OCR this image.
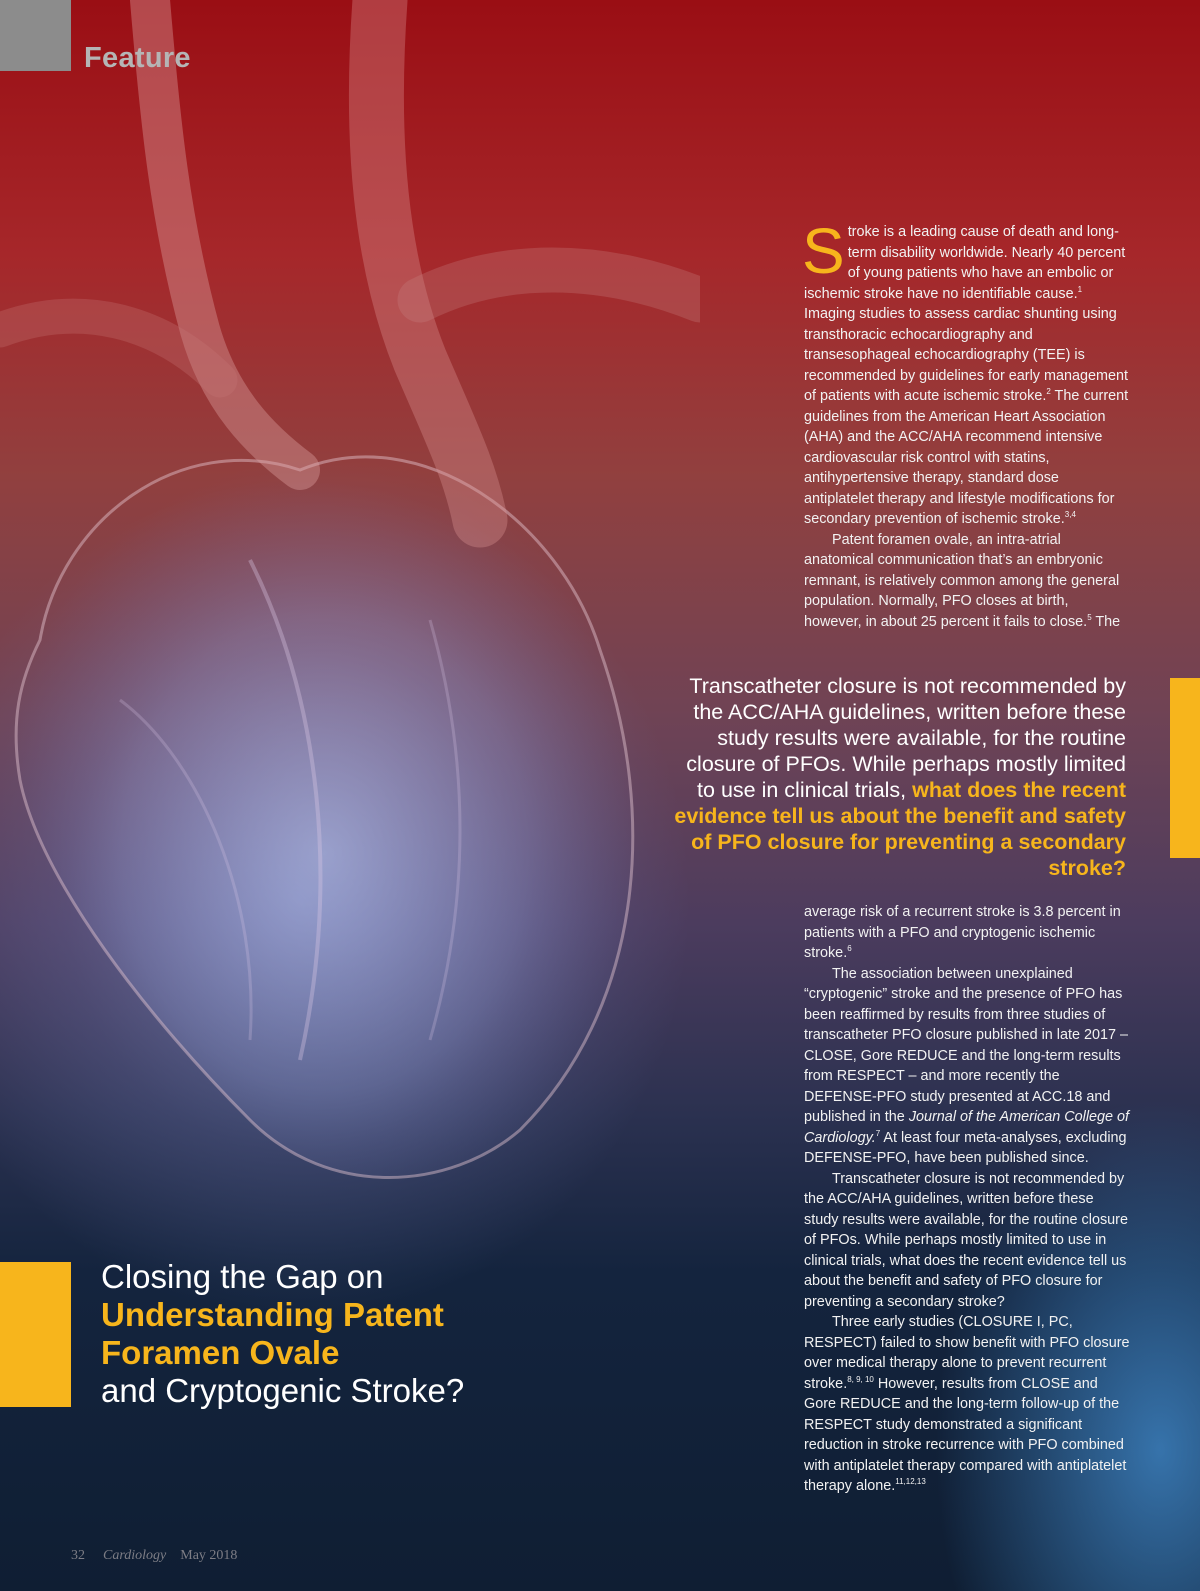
Feature

Stroke is a leading cause of death and long-term disability worldwide. Nearly 40 percent of young patients who have an embolic or ischemic stroke have no identifiable cause.$^1$ Imaging studies to assess cardiac shunting using transthoracic echocardiography and transesophageal echocardiography (TEE) is recommended by guidelines for early management of patients with acute ischemic stroke.$^2$ The current guidelines from the American Heart Association (AHA) and the ACC/AHA recommend intensive cardiovascular risk control with statins, antihypertensive therapy, standard dose antiplatelet therapy and lifestyle modifications for secondary prevention of ischemic stroke.$^{3,4}$

Patent foramen ovale, an intra-atrial anatomical communication that’s an embryonic remnant, is relatively common among the general population. Normally, PFO closes at birth, however, in about 25 percent it fails to close.$^5$ The

Transcatheter closure is not recommended by the ACC/AHA guidelines, written before these study results were available, for the routine closure of PFOs. While perhaps mostly limited to use in clinical trials, what does the recent evidence tell us about the benefit and safety of PFO closure for preventing a secondary stroke?

average risk of a recurrent stroke is 3.8 percent in patients with a PFO and cryptogenic ischemic stroke.$^6$

The association between unexplained “cryptogenic” stroke and the presence of PFO has been reaffirmed by results from three studies of transcatheter PFO closure published in late 2017 – CLOSE, Gore REDUCE and the long-term results from RESPECT – and more recently the DEFENSE-PFO study presented at ACC.18 and published in the Journal of the American College of Cardiology.$^7$ At least four meta-analyses, excluding DEFENSE-PFO, have been published since.

Transcatheter closure is not recommended by the ACC/AHA guidelines, written before these study results were available, for the routine closure of PFOs. While perhaps mostly limited to use in clinical trials, what does the recent evidence tell us about the benefit and safety of PFO closure for preventing a secondary stroke?

Three early studies (CLOSURE I, PC, RESPECT) failed to show benefit with PFO closure over medical therapy alone to prevent recurrent stroke.$^{8, 9, 10}$ However, results from CLOSE and Gore REDUCE and the long-term follow-up of the RESPECT study demonstrated a significant reduction in stroke recurrence with PFO combined with antiplatelet therapy compared with antiplatelet therapy alone.$^{11,12,13}$

Closing the Gap on
Understanding Patent
Foramen Ovale
and Cryptogenic Stroke?
32 Cardiology May 2018
